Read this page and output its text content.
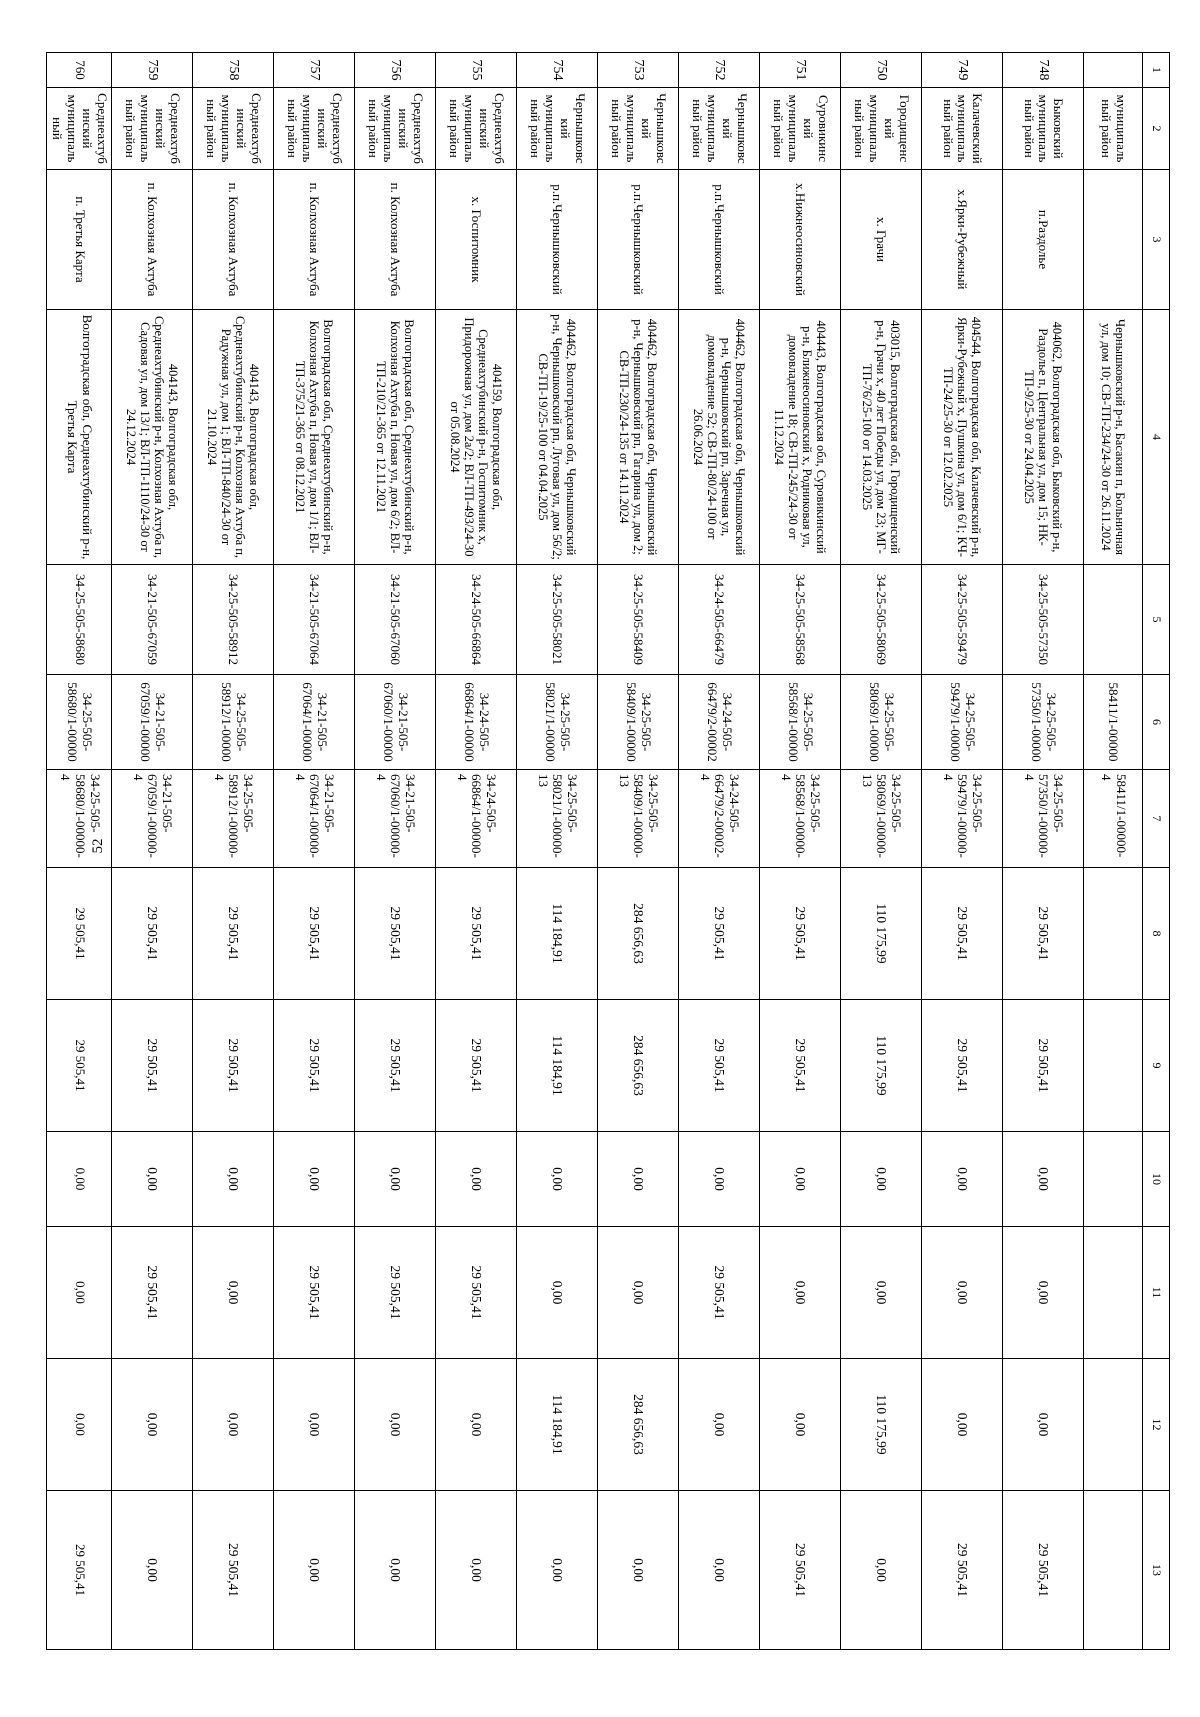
52
1	2	3	4	5	6	7	8	9	10	11	12	13
	муниципальный район		Чернышковский р-н, Басакин п, Больничная ул, дом 10; СВ-ТП-234/24-30 от 26.11.2024		58411/1-00000	58411/1-00000-4						
748	Быковский муниципальный район	п.Раздолье	404062, Волгоградская обл, Быковский р-н, Раздолье п, Центральная ул, дом 15; НК-ТП-9/25-30 от 24.04.2025	34-25-505-57350	34-25-505-57350/1-00000	34-25-505-57350/1-00000-4	29 505,41	29 505,41	0,00	0,00	0,00	29 505,41
749	Калачевский муниципальный район	х.Ярки-Рубежный	404544, Волгоградская обл, Калачевский р-н, Ярки-Рубежный х, Пушкина ул, дом 6/1; КЧ-ТП-24/25-30 от 12.02.2025	34-25-505-59479	34-25-505-59479/1-00000	34-25-505-59479/1-00000-4	29 505,41	29 505,41	0,00	0,00	0,00	29 505,41
750	Городищенский муниципальный район	х. Грачи	403015, Волгоградская обл, Городищенский р-н, Грачи х, 40 лет Победы ул, дом 23; МГ-ТП-76/25-100 от 14.03.2025	34-25-505-58069	34-25-505-58069/1-00000	34-25-505-58069/1-00000-13	110 175,99	110 175,99	0,00	0,00	110 175,99	0,00
751	Суровикинский муниципальный район	х.Нижнеосиновский	404443, Волгоградская обл, Суровикинский р-н, Ближнеосиновский х, Родниковая ул, домовладение 18; СВ-ТП-245/24-30 от 11.12.2024	34-25-505-58568	34-25-505-58568/1-00000	34-25-505-58568/1-00000-4	29 505,41	29 505,41	0,00	0,00	0,00	29 505,41
752	Чернышковский муниципальный район	р.п.Чернышковский	404462, Волгоградская обл, Чернышковский р-н, Чернышковский рп, Заречная ул, домовладение 52; СВ-ТП-80/24-100 от 26.06.2024	34-24-505-66479	34-24-505-66479/2-00002	34-24-505-66479/2-00002-4	29 505,41	29 505,41	0,00	29 505,41	0,00	0,00
753	Чернышковский муниципальный район	р.п.Чернышковский	404462, Волгоградская обл, Чернышковский р-н, Чернышковский рп, Гагарина ул, дом 2; СВ-ТП-230/24-135 от 14.11.2024	34-25-505-58409	34-25-505-58409/1-00000	34-25-505-58409/1-00000-13	284 656,63	284 656,63	0,00	0,00	284 656,63	0,00
754	Чернышковский муниципальный район	р.п.Чернышковский	404462, Волгоградская обл, Чернышковский р-н, Чернышковский рп, Луговая ул, дом 56/2; СВ-ТП-19/25-100 от 04.04.2025	34-25-505-58021	34-25-505-58021/1-00000	34-25-505-58021/1-00000-13	114 184,91	114 184,91	0,00	0,00	114 184,91	0,00
755	Среднеахтубинский муниципальный район	х. Госпитомник	404159, Волгоградская обл, Среднеахтубинский р-н, Госпитомник х, Придорожная ул, дом 2а/2; ВЛ-ТП-493/24-30 от 05.08.2024	34-24-505-66864	34-24-505-66864/1-00000	34-24-505-66864/1-00000-4	29 505,41	29 505,41	0,00	29 505,41	0,00	0,00
756	Среднеахтубинский муниципальный район	п. Колхозная Ахтуба	Волгоградская обл, Среднеахтубинский р-н, Колхозная Ахтуба п, Новая ул, дом 6/2; ВЛ-ТП-210/21-365 от 12.11.2021	34-21-505-67060	34-21-505-67060/1-00000	34-21-505-67060/1-00000-4	29 505,41	29 505,41	0,00	29 505,41	0,00	0,00
757	Среднеахтубинский муниципальный район	п. Колхозная Ахтуба	Волгоградская обл, Среднеахтубинский р-н, Колхозная Ахтуба п, Новая ул, дом 1/1; ВЛ-ТП-375/21-365 от 08.12.2021	34-21-505-67064	34-21-505-67064/1-00000	34-21-505-67064/1-00000-4	29 505,41	29 505,41	0,00	29 505,41	0,00	0,00
758	Среднеахтубинский муниципальный район	п. Колхозная Ахтуба	404143, Волгоградская обл, Среднеахтубинский р-н, Колхозная Ахтуба п, Радужная ул, дом 1; ВЛ-ТП-840/24-30 от 21.10.2024	34-25-505-58912	34-25-505-58912/1-00000	34-25-505-58912/1-00000-4	29 505,41	29 505,41	0,00	0,00	0,00	29 505,41
759	Среднеахтубинский муниципальный район	п. Колхозная Ахтуба	404143, Волгоградская обл, Среднеахтубинский р-н, Колхозная Ахтуба п, Садовая ул, дом 13/1; ВЛ-ТП-1110/24-30 от 24.12.2024	34-21-505-67059	34-21-505-67059/1-00000	34-21-505-67059/1-00000-4	29 505,41	29 505,41	0,00	29 505,41	0,00	0,00
760	Среднеахтубинский муниципальный	п. Третья Карта	Волгоградская обл, Среднеахтубинский р-н, Третья Карта	34-25-505-58680	34-25-505-58680/1-00000	34-25-505-58680/1-00000-4	29 505,41	29 505,41	0,00	0,00	0,00	29 505,41
